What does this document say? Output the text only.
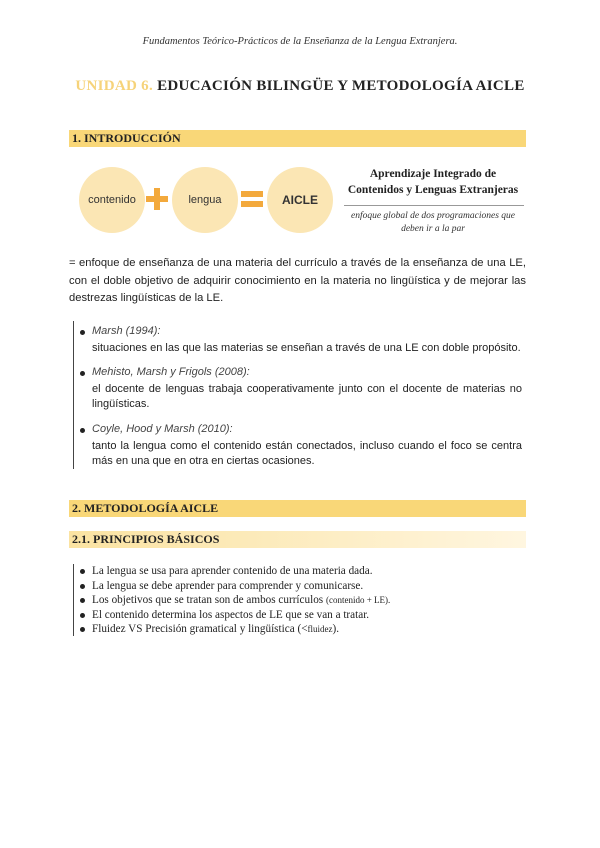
Fundamentos Teórico-Prácticos de la Enseñanza de la Lengua Extranjera.
UNIDAD 6. EDUCACIÓN BILINGÜE Y METODOLOGÍA AICLE
1. INTRODUCCIÓN
contenido	lengua	AICLE
Aprendizaje Integrado de
Contenidos y Lenguas Extranjeras
enfoque global de dos programaciones que
deben ir a la par
= enfoque de enseñanza de una materia del currículo a través de la enseñanza de una LE, con el doble objetivo de adquirir conocimiento en la materia no lingüística y de mejorar las destrezas lingüísticas de la LE.
Marsh (1994):
situaciones en las que las materias se enseñan a través de una LE con doble propósito.
Mehisto, Marsh y Frigols (2008):
el docente de lenguas trabaja cooperativamente junto con el docente de materias no lingüísticas.
Coyle, Hood y Marsh (2010):
tanto la lengua como el contenido están conectados, incluso cuando el foco se centra más en una que en otra en ciertas ocasiones.
2. METODOLOGÍA AICLE
2.1. PRINCIPIOS BÁSICOS
La lengua se usa para aprender contenido de una materia dada.
La lengua se debe aprender para comprender y comunicarse.
Los objetivos que se tratan son de ambos currículos (contenido + LE).
El contenido determina los aspectos de LE que se van a tratar.
Fluidez VS Precisión gramatical y lingüística (<fluidez).
